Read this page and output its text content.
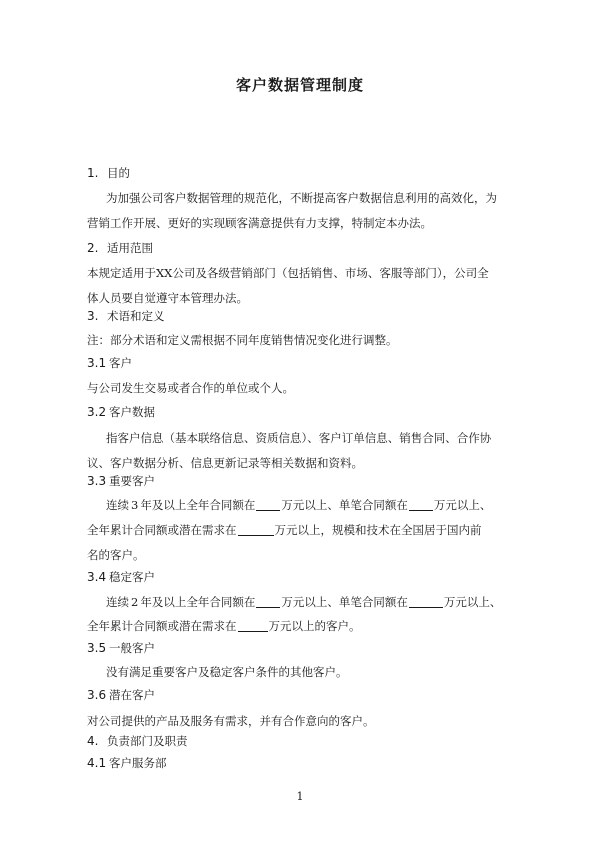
客户数据管理制度
1. 目的
为加强公司客户数据管理的规范化，不断提高客户数据信息利用的高效化，为
营销工作开展、更好的实现顾客满意提供有力支撑，特制定本办法。
2. 适用范围
本规定适用于XX公司及各级营销部门（包括销售、市场、客服等部门），公司全
体人员要自觉遵守本管理办法。
3. 术语和定义
注：部分术语和定义需根据不同年度销售情况变化进行调整。
3.1 客户
与公司发生交易或者合作的单位或个人。
3.2 客户数据
指客户信息（基本联络信息、资质信息）、客户订单信息、销售合同、合作协
议、客户数据分析、信息更新记录等相关数据和资料。
3.3 重要客户
连续 3 年及以上全年合同额在 万元以上、单笔合同额在 万元以上、
全年累计合同额或潜在需求在	万元以上，规模和技术在全国居于国内前
名的客户。
3.4 稳定客户
连续 2 年及以上全年合同额在 万元以上、单笔合同额在	万元以上、
全年累计合同额或潜在需求在	万元以上的客户。
3.5 一般客户
没有满足重要客户及稳定客户条件的其他客户。
3.6 潜在客户
对公司提供的产品及服务有需求，并有合作意向的客户。
4. 负责部门及职责
4.1 客户服务部
1
